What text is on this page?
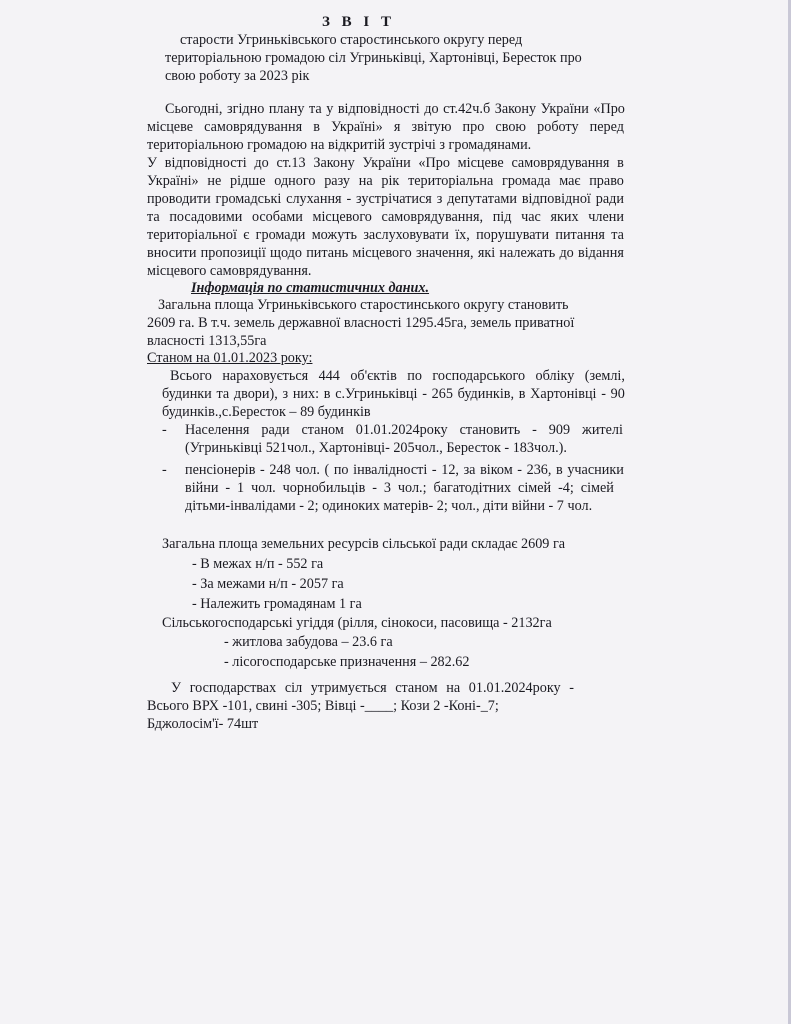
З В І Т
старости Угриньківського старостинського округу перед
територіальною громадою сіл Угриньківці, Хартонівці, Береcток про
свою роботу за 2023 рік
Сьогодні, згідно плану та у відповідності до ст.42ч.б Закону України «Про
місцеве самоврядування в Україні» я звітую про свою роботу перед
територіальною громадою на відкритій зустрічі з громадянами.
У відповідності до ст.13 Закону України «Про місцеве самоврядування в
Україні» не рідше одного разу на рік територіальна громада має право
проводити громадські слухання - зустрічатися з депутатами відповідної ради
та посадовими особами місцевого самоврядування, під час яких члени
територіальної є громади можуть заслуховувати їх, порушувати питання та
вносити пропозиції щодо питань місцевого значення, які належать до відання
місцевого самоврядування.
Інформація по статистичних даних.
Загальна площа Угриньківського старостинського округу становить
2609 га. В т.ч. земель державної власності 1295.45га, земель приватної
власності 1313,55га
Станом на 01.01.2023 року:
Всього нараховується 444 об'єктів по господарського обліку (землі,
будинки та двори), з них: в с.Угриньківці - 265 будинків, в Хартонівці - 90
будинків.,с.Берeсток – 89 будинків
- Населення ради станом 01.01.2024року становить - 909 жителі
(Угриньківці 521чол., Хартонівці- 205чол., Бересток - 183чол.).
- пенсіонерів - 248 чол. ( по інвалідності - 12, за віком - 236, в учасники
війни - 1 чол. чорнобильців - 3 чол.; багатодітних сімей -4; сімей
дітьми-інвалідами - 2; одиноких матерів- 2; чол., діти війни - 7 чол.
Загальна площа земельних ресурсів сільської ради складає 2609 га
- В межах н/п - 552 га
- За межами н/п - 2057 га
- Належить громадянам 1 га
Сільськогосподарські угіддя (рілля, сінокоси, пасовища - 2132га
- житлова забудова – 23.6 га
- лісогосподарське призначення – 282.62
У господарствах сіл утримується станом на 01.01.2024року -
Всього ВРХ -101, свині -305; Вівці -____; Кози 2 -Коні-_7;
Бджолосім'ї- 74шт
